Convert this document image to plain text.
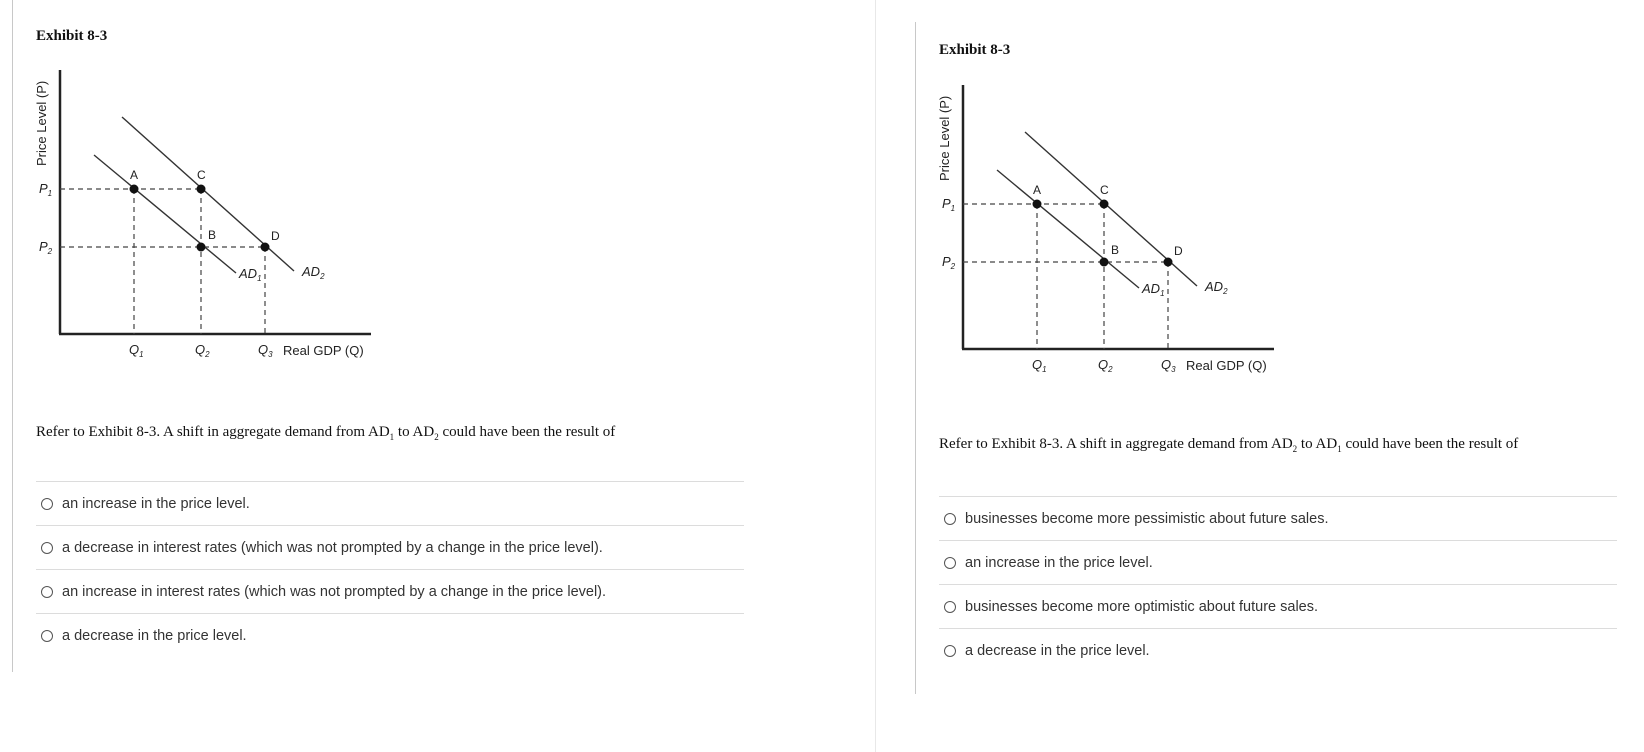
Exhibit 8-3
Price Level (P)
A	C
B	D
$P_1$
$P_2$
$Q_1$	$Q_2$	$Q_3$ Real GDP (Q)
$AD_1$	$AD_2$
Refer to Exhibit 8-3. A shift in aggregate demand from $AD_1$ to $AD_2$ could have been the result of
an increase in the price level.
a decrease in interest rates (which was not prompted by a change in the price level).
an increase in interest rates (which was not prompted by a change in the price level).
a decrease in the price level.
Exhibit 8-3
Price Level (P)
A	C
B	D
$P_1$
$P_2$
$Q_1$	$Q_2$	$Q_3$ Real GDP (Q)
$AD_1$	$AD_2$
Refer to Exhibit 8-3. A shift in aggregate demand from $AD_2$ to $AD_1$ could have been the result of
businesses become more pessimistic about future sales.
an increase in the price level.
businesses become more optimistic about future sales.
a decrease in the price level.
